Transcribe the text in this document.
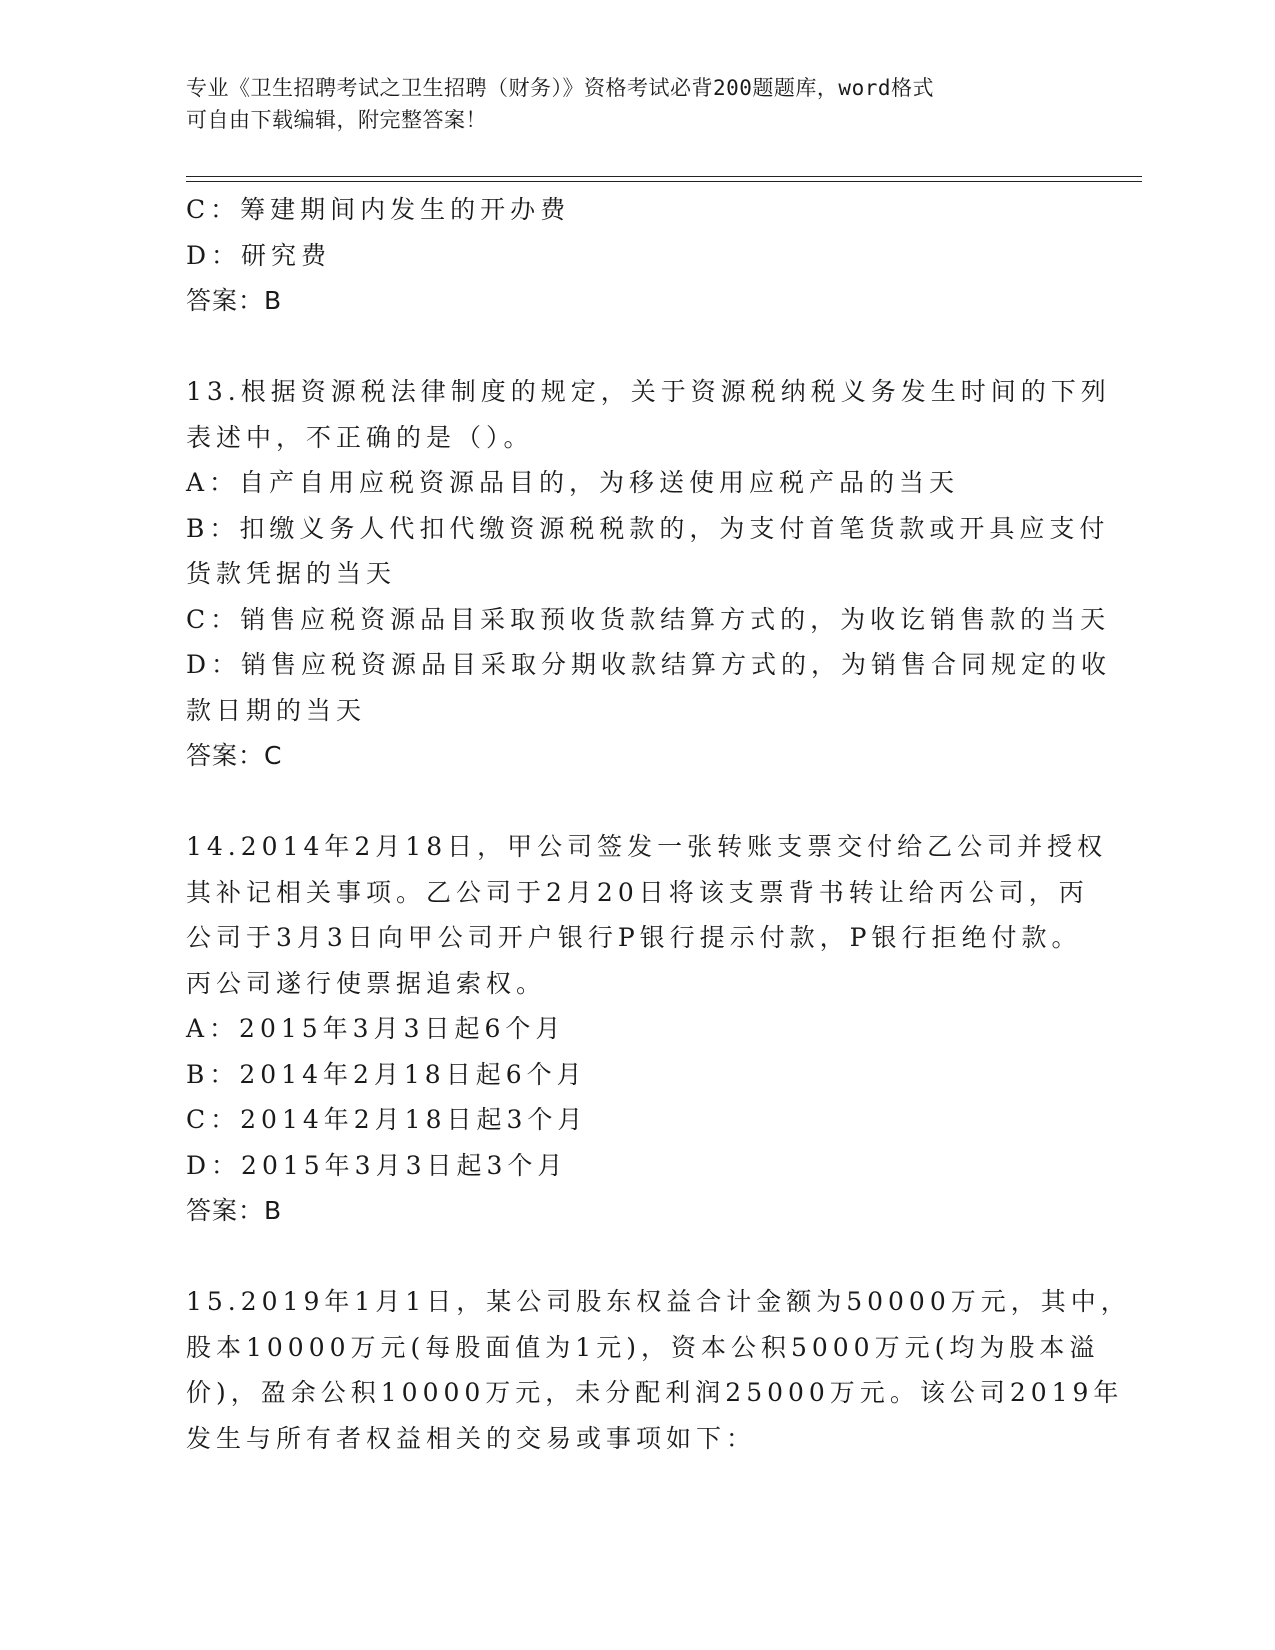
专业《卫生招聘考试之卫生招聘（财务）》资格考试必背200题题库，word格式
可自由下载编辑，附完整答案！
C：筹建期间内发生的开办费
D：研究费
答案：B
13.根据资源税法律制度的规定，关于资源税纳税义务发生时间的下列
表述中，不正确的是（）。
A：自产自用应税资源品目的，为移送使用应税产品的当天
B：扣缴义务人代扣代缴资源税税款的，为支付首笔货款或开具应支付
货款凭据的当天
C：销售应税资源品目采取预收货款结算方式的，为收讫销售款的当天
D：销售应税资源品目采取分期收款结算方式的，为销售合同规定的收
款日期的当天
答案：C
14.2014年2月18日，甲公司签发一张转账支票交付给乙公司并授权
其补记相关事项。乙公司于2月20日将该支票背书转让给丙公司，丙
公司于3月3日向甲公司开户银行P银行提示付款，P银行拒绝付款。
丙公司遂行使票据追索权。
A：2015年3月3日起6个月
B：2014年2月18日起6个月
C：2014年2月18日起3个月
D：2015年3月3日起3个月
答案：B
15.2019年1月1日，某公司股东权益合计金额为50000万元，其中，
股本10000万元(每股面值为1元)，资本公积5000万元(均为股本溢
价)，盈余公积10000万元，未分配利润25000万元。该公司2019年
发生与所有者权益相关的交易或事项如下：
